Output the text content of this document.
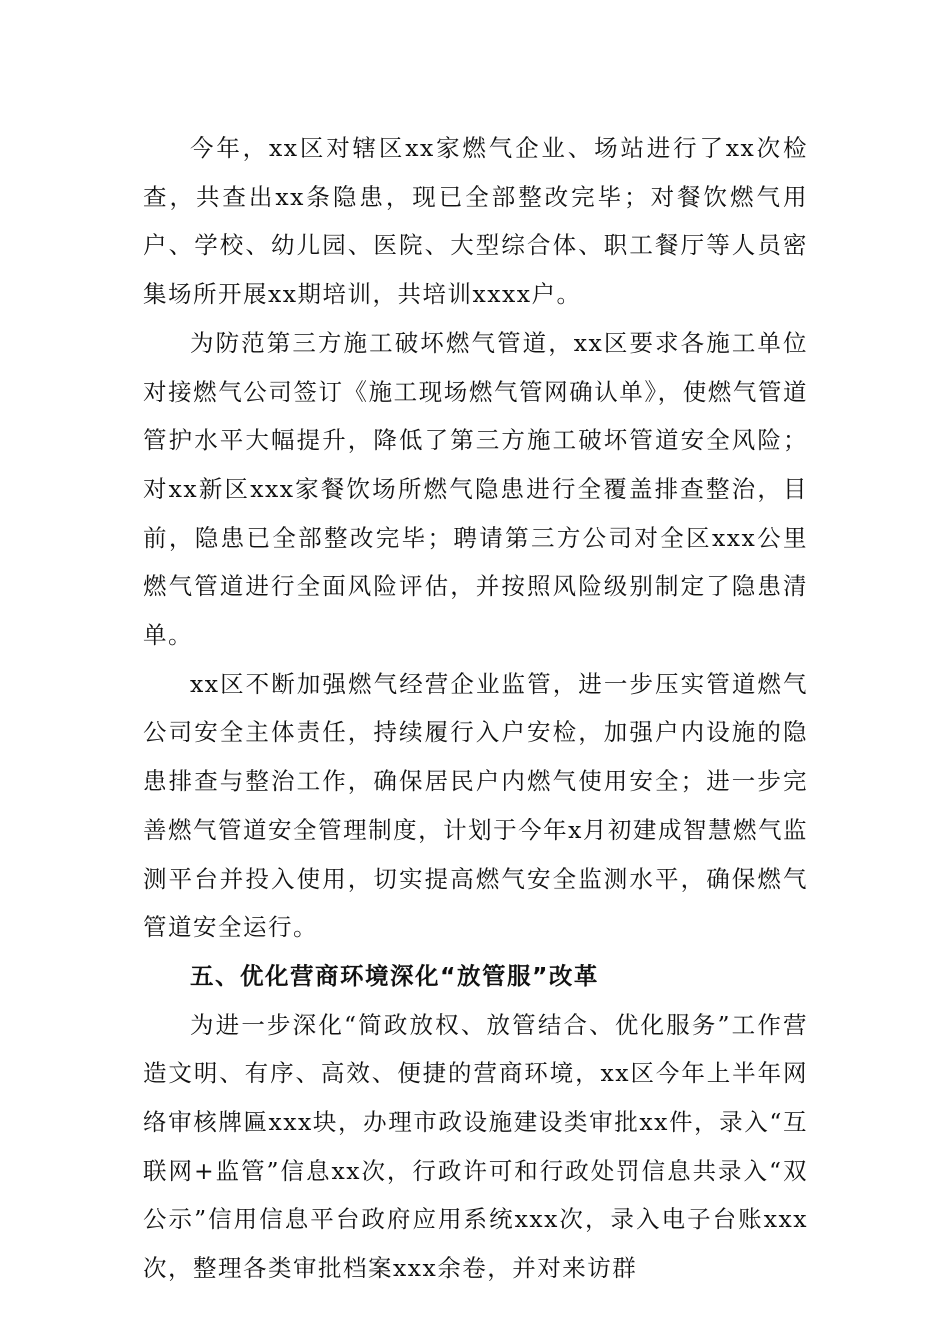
今年，xx区对辖区xx家燃气企业、场站进行了xx次检查，共查出xx条隐患，现已全部整改完毕；对餐饮燃气用户、学校、幼儿园、医院、大型综合体、职工餐厅等人员密集场所开展xx期培训，共培训xxxx户。

为防范第三方施工破坏燃气管道，xx区要求各施工单位对接燃气公司签订《施工现场燃气管网确认单》，使燃气管道管护水平大幅提升，降低了第三方施工破坏管道安全风险；对xx新区xxx家餐饮场所燃气隐患进行全覆盖排查整治，目前，隐患已全部整改完毕；聘请第三方公司对全区xxx公里燃气管道进行全面风险评估，并按照风险级别制定了隐患清单。

xx区不断加强燃气经营企业监管，进一步压实管道燃气公司安全主体责任，持续履行入户安检，加强户内设施的隐患排查与整治工作，确保居民户内燃气使用安全；进一步完善燃气管道安全管理制度，计划于今年x月初建成智慧燃气监测平台并投入使用，切实提高燃气安全监测水平，确保燃气管道安全运行。

五、优化营商环境深化“放管服”改革

为进一步深化“简政放权、放管结合、优化服务”工作营造文明、有序、高效、便捷的营商环境，xx区今年上半年网络审核牌匾xxx块，办理市政设施建设类审批xx件，录入“互联网+监管”信息xx次，行政许可和行政处罚信息共录入“双公示”信用信息平台政府应用系统xxx次，录入电子台账xxx次，整理各类审批档案xxx余卷，并对来访群
